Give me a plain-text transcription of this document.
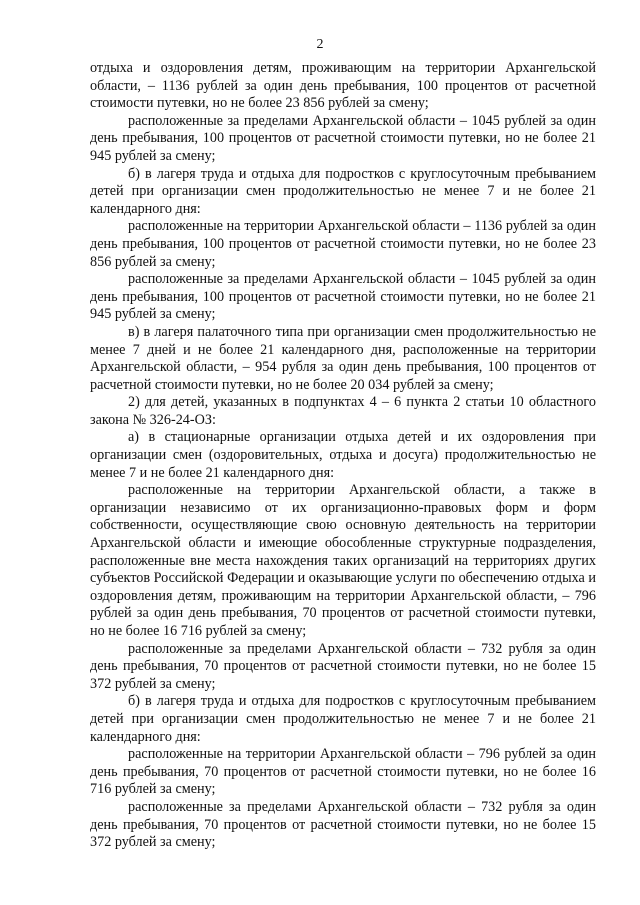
2

отдыха и оздоровления детям, проживающим на территории Архангельской области, – 1136 рублей за один день пребывания, 100 процентов от расчетной стоимости путевки, но не более 23 856 рублей за смену;

расположенные за пределами Архангельской области – 1045 рублей за один день пребывания, 100 процентов от расчетной стоимости путевки, но не более 21 945 рублей за смену;

б) в лагеря труда и отдыха для подростков с круглосуточным пребыванием детей при организации смен продолжительностью не менее 7 и не более 21 календарного дня:

расположенные на территории Архангельской области – 1136 рублей за один день пребывания, 100 процентов от расчетной стоимости путевки, но не более 23 856 рублей за смену;

расположенные за пределами Архангельской области – 1045 рублей за один день пребывания, 100 процентов от расчетной стоимости путевки, но не более 21 945 рублей за смену;

в) в лагеря палаточного типа при организации смен продолжительностью не менее 7 дней и не более 21 календарного дня, расположенные на территории Архангельской области, – 954 рубля за один день пребывания, 100 процентов от расчетной стоимости путевки, но не более 20 034 рублей за смену;

2) для детей, указанных в подпунктах 4 – 6 пункта 2 статьи 10 областного закона № 326-24-ОЗ:

а) в стационарные организации отдыха детей и их оздоровления при организации смен (оздоровительных, отдыха и досуга) продолжительностью не менее 7 и не более 21 календарного дня:

расположенные на территории Архангельской области, а также в организации независимо от их организационно-правовых форм и форм собственности, осуществляющие свою основную деятельность на территории Архангельской области и имеющие обособленные структурные подразделения, расположенные вне места нахождения таких организаций на территориях других субъектов Российской Федерации и оказывающие услуги по обеспечению отдыха и оздоровления детям, проживающим на территории Архангельской области, – 796 рублей за один день пребывания, 70 процентов от расчетной стоимости путевки, но не более 16 716 рублей за смену;

расположенные за пределами Архангельской области – 732 рубля за один день пребывания, 70 процентов от расчетной стоимости путевки, но не более 15 372 рублей за смену;

б) в лагеря труда и отдыха для подростков с круглосуточным пребыванием детей при организации смен продолжительностью не менее 7 и не более 21 календарного дня:

расположенные на территории Архангельской области – 796 рублей за один день пребывания, 70 процентов от расчетной стоимости путевки, но не более 16 716 рублей за смену;

расположенные за пределами Архангельской области – 732 рубля за один день пребывания, 70 процентов от расчетной стоимости путевки, но не более 15 372 рублей за смену;
